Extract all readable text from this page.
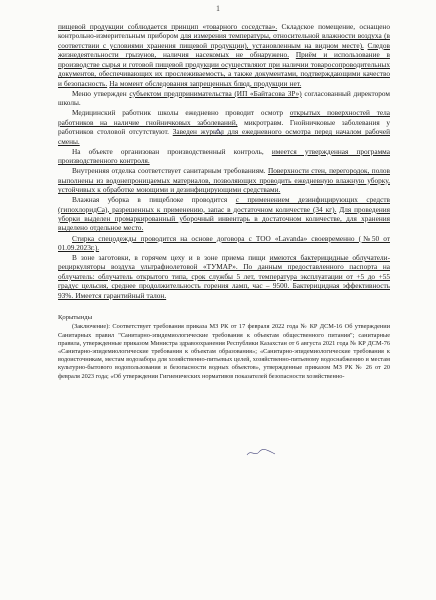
1

пищевой продукции соблюдается принцип «товарного соседства». Складское помещение, оснащено контрольно-измерительным прибором для измерения температуры, относительной влажности воздуха (в соответствии с условиями хранения пищевой продукции), установленным на видном месте). Следов жизнедеятельности грызунов, наличия насекомых не обнаружено. Приём и использование в производстве сырья и готовой пищевой продукции осуществляют при наличии товаросопроводительных документов, обеспечивающих их прослеживаемость, а также документами, подтверждающими качество и безопасность. На момент обследования запрещенных блюд, продукции нет.

Меню утвержден субъектом предпринимательства (ИП «Байтасова ЗР») согласованный директором школы.

Медицинский работник школы ежедневно проводит осмотр открытых поверхностей тела работников на наличие гнойничковых заболеваний, микротравм. Гнойничковые заболевания у работников столовой отсутствуют. Заведен журнал для ежедневного осмотра перед началом рабочей смены.

На объекте организован производственный контроль, имеется утвержденная программа производственного контроля.

Внутренняя отделка соответствует санитарным требованиям. Поверхности стен, перегородок, полов выполнены из водонепроницаемых материалов, позволяющих проводить ежедневную влажную уборку, устойчивых к обработке моющими и дезинфицирующими средствами.

Влажная уборка в пищеблоке проводится с применением дезинфицирующих средств (гипохлоридCa), разрешенных к применению, запас в достаточном количестве (34 кг). Для проведения уборки выделен промаркированный уборочный инвентарь в достаточном количестве, для хранения выделено отдельное место.

Стирка спецодежды проводится на основе договора с ТОО «Lavanda» своевременно (№50 от 01.09.2023г.).

В зоне заготовки, в горячем цеху и в зоне приема пищи имеются бактерицидные облучатели-рециркуляторы воздуха ультрафиолетовой «ТУМАР». По данным предоставленного паспорта на облучатель: облучатель открытого типа, срок службы 5 лет, температура эксплуатации от +5 до +55 градус цельсия, среднее продолжительность горения ламп, час – 9500. Бактерицидная эффективность 93%. Имеется гарантийный талон.

Қорытынды

(Заключение): Соответствует требования приказа МЗ РК от 17 февраля 2022 года № КР ДСМ-16 Об утверждении Санитарных правил "Санитарно-эпидемиологические требования к объектам общественного питания"; санитарные правила, утвержденные приказом Министра здравоохранения Республики Казахстан от 6 августа 2021 года № КР ДСМ-76 «Санитарно-эпидемиологические требования к объектам образования»; «Санитарно-эпидемиологические требования к водоисточникам, местам водозабора для хозяйственно-питьевых целей, хозяйственно-питьевому водоснабжению и местам культурно-бытового водопользования и безопасности водных объектов», утвержденные приказом МЗ РК № 26 от 20 февраля 2023 года; «Об утверждении Гигиенических нормативов показателей безопасности хозяйственно-
